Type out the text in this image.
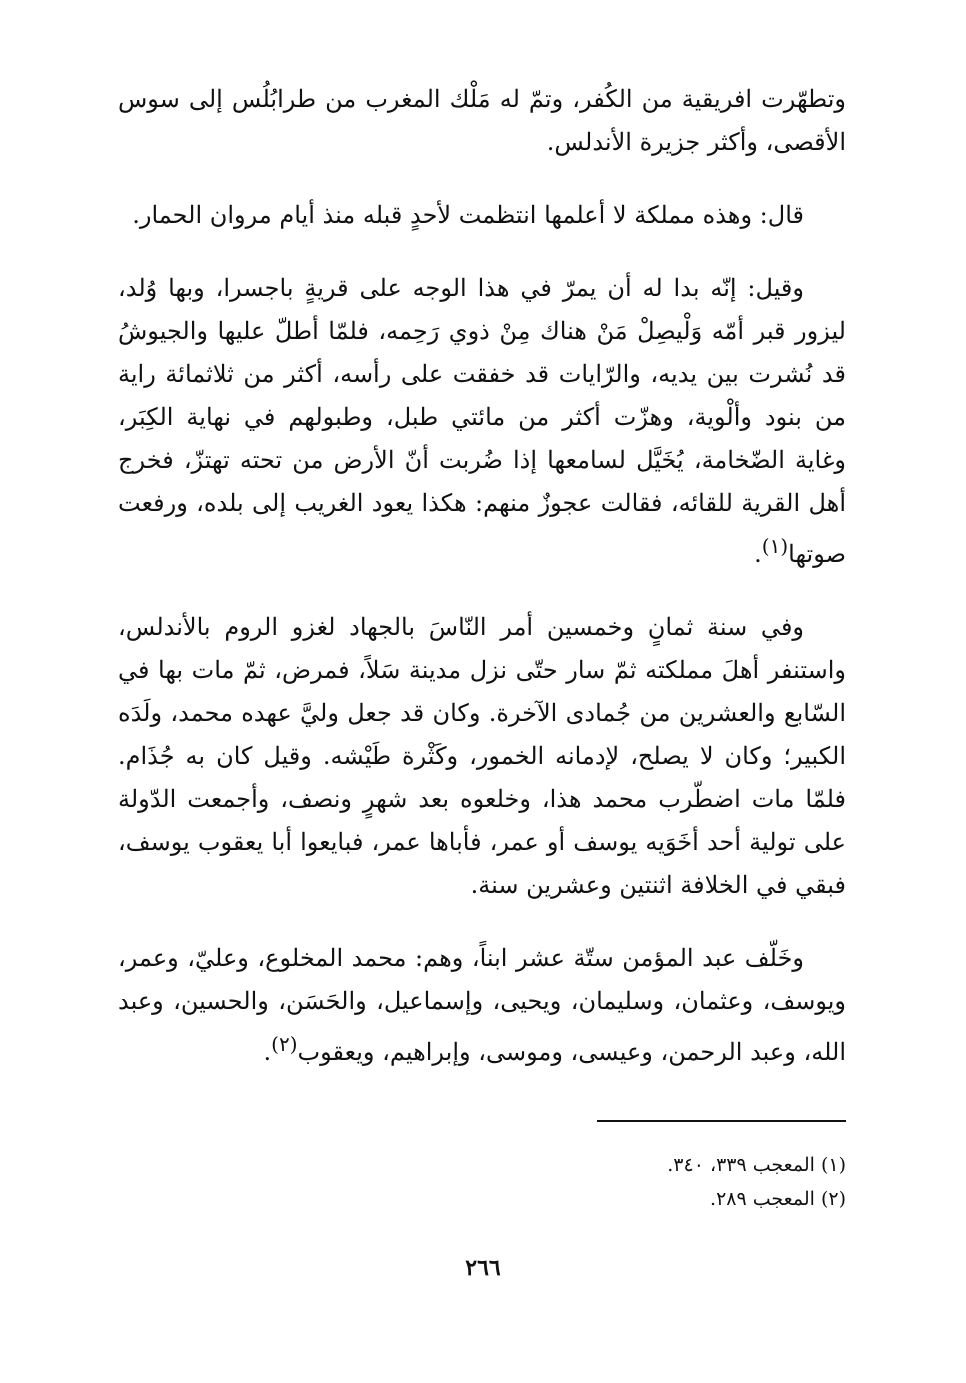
وتطهّرت افريقية من الكُفر، وتمّ له مَلْك المغرب من طرابُلُس إلى سوس الأقصى، وأكثر جزيرة الأندلس.

قال: وهذه مملكة لا أعلمها انتظمت لأحدٍ قبله منذ أيام مروان الحمار.

وقيل: إنّه بدا له أن يمرّ في هذا الوجه على قريةٍ باجسرا، وبها وُلد، ليزور قبر أمّه وَلْيصِلْ مَنْ هناك مِنْ ذوي رَحِمه، فلمّا أطلّ عليها والجيوشُ قد نُشرت بين يديه، والرّايات قد خفقت على رأسه، أكثر من ثلاثمائة راية من بنود وألْوية، وهزّت أكثر من مائتي طبل، وطبولهم في نهاية الكِبَر، وغاية الضّخامة، يُخَيَّل لسامعها إذا ضُربت أنّ الأرض من تحته تهتزّ، فخرج أهل القرية للقائه، فقالت عجوزٌ منهم: هكذا يعود الغريب إلى بلده، ورفعت صوتها$^{(١)}$.

وفي سنة ثمانٍ وخمسين أمر النّاسَ بالجهاد لغزو الروم بالأندلس، واستنفر أهلَ مملكته ثمّ سار حتّى نزل مدينة سَلاً، فمرض، ثمّ مات بها في السّابع والعشرين من جُمادى الآخرة. وكان قد جعل وليَّ عهده محمد، ولَدَه الكبير؛ وكان لا يصلح، لإدمانه الخمور، وكَثْرة طَيْشه. وقيل كان به جُذَام. فلمّا مات اضطّرب محمد هذا، وخلعوه بعد شهرٍ ونصف، وأجمعت الدّولة على تولية أحد أخَوَيه يوسف أو عمر، فأباها عمر، فبايعوا أبا يعقوب يوسف، فبقي في الخلافة اثنتين وعشرين سنة.

وخَلّف عبد المؤمن ستّة عشر ابناً، وهم: محمد المخلوع، وعليّ، وعمر، ويوسف، وعثمان، وسليمان، ويحيى، وإسماعيل، والحَسَن، والحسين، وعبد الله، وعبد الرحمن، وعيسى، وموسى، وإبراهيم، ويعقوب$^{(٢)}$.

(١) المعجب ٣٣٩، ٣٤٠.

(٢) المعجب ٢٨٩.

٢٦٦
